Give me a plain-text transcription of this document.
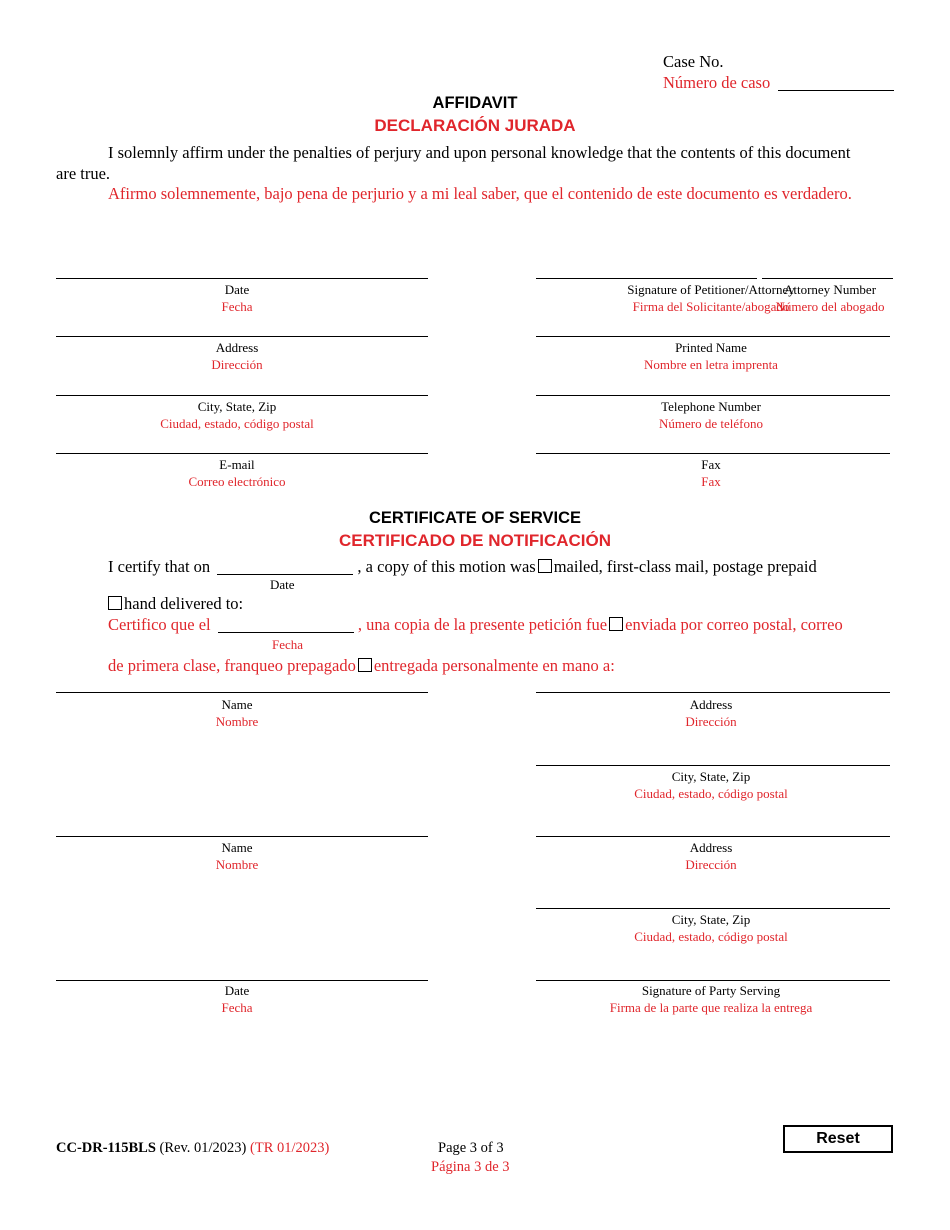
Case No.
Número de caso
AFFIDAVIT
DECLARACIÓN JURADA
I solemnly affirm under the penalties of perjury and upon personal knowledge that the contents of this document
are true.
Afirmo solemnemente, bajo pena de perjurio y a mi leal saber, que el contenido de este documento es verdadero.
Date
Fecha
Address
Dirección
City, State, Zip
Ciudad, estado, código postal
E-mail
Correo electrónico
Signature of Petitioner/Attorney
Firma del Solicitante/abogado
Attorney Number
Número del abogado
Printed Name
Nombre en letra imprenta
Telephone Number
Número de teléfono
Fax
Fax
CERTIFICATE OF SERVICE
CERTIFICADO DE NOTIFICACIÓN
I certify that on	, a copy of this motion was mailed, first-class mail, postage prepaid
Date
hand delivered to:
Certifico que el	, una copia de la presente petición fue enviada por correo postal, correo
Fecha
de primera clase, franqueo prepagado entregada personalmente en mano a:
Name
Nombre
Address
Dirección
City, State, Zip
Ciudad, estado, código postal
Name
Nombre
Address
Dirección
City, State, Zip
Ciudad, estado, código postal
Date
Fecha
Signature of Party Serving
Firma de la parte que realiza la entrega
CC-DR-115BLS (Rev. 01/2023) (TR 01/2023)	Page 3 of 3
Página 3 de 3
Reset
